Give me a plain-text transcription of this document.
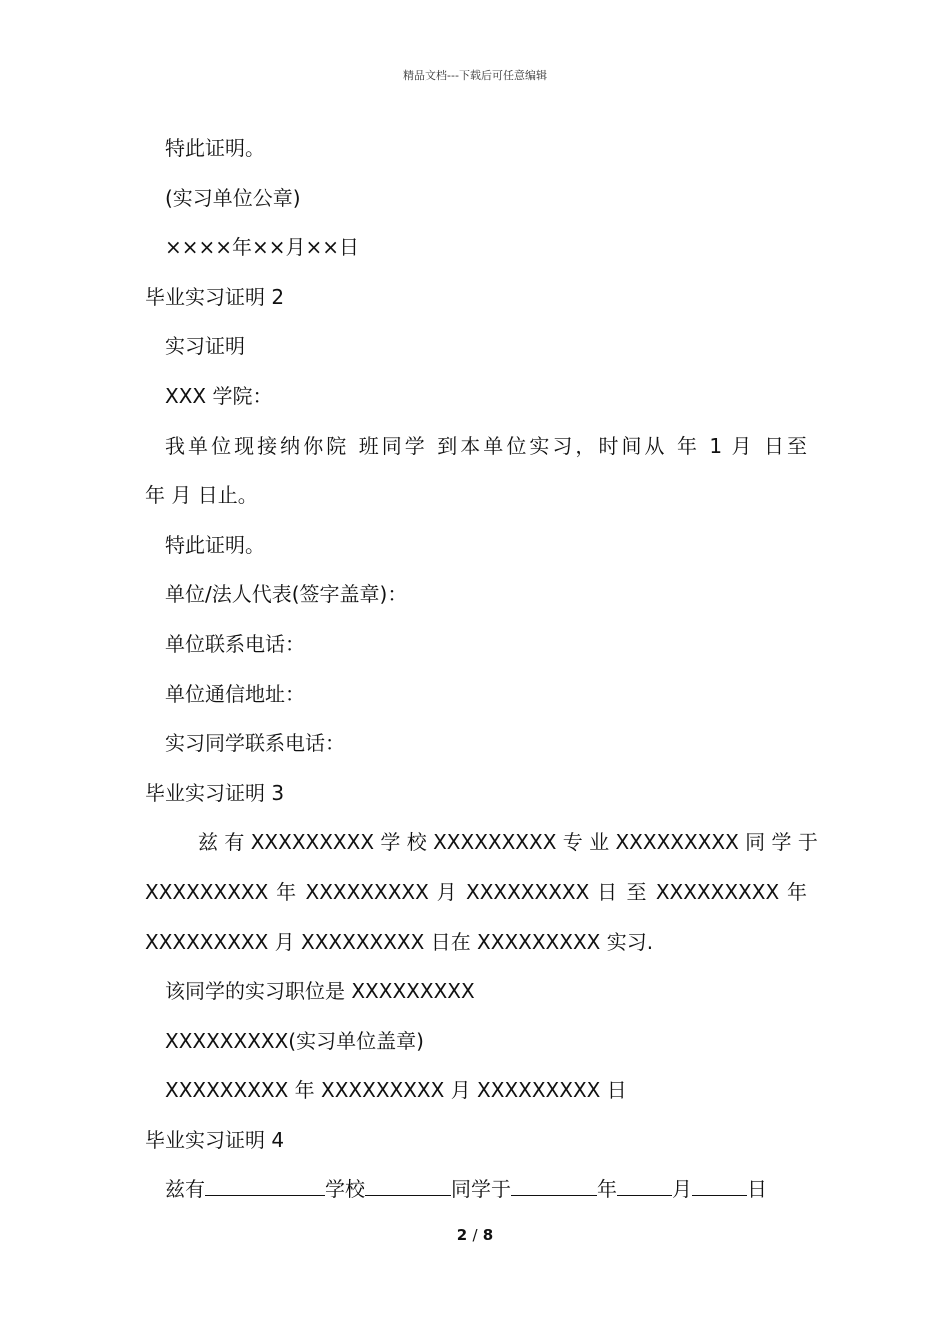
精品文档---下载后可任意编辑
特此证明。
(实习单位公章)
××××年××月××日
毕业实习证明 2
实习证明
XXX 学院：
我单位现接纳你院 班同学 到本单位实习，时间从 年 1 月 日至
年 月 日止。
特此证明。
单位/法人代表(签字盖章)：
单位联系电话：
单位通信地址：
实习同学联系电话：
毕业实习证明 3
兹 有 XXXXXXXXX 学 校 XXXXXXXXX 专 业 XXXXXXXXX 同 学 于
XXXXXXXXX 年 XXXXXXXXX 月 XXXXXXXXX 日 至 XXXXXXXXX 年
XXXXXXXXX 月 XXXXXXXXX 日在 XXXXXXXXX 实习.
该同学的实习职位是 XXXXXXXXX
XXXXXXXXX(实习单位盖章)
XXXXXXXXX 年 XXXXXXXXX 月 XXXXXXXXX 日
毕业实习证明 4
兹有	学校	同学于	年	月	日
2 / 8
